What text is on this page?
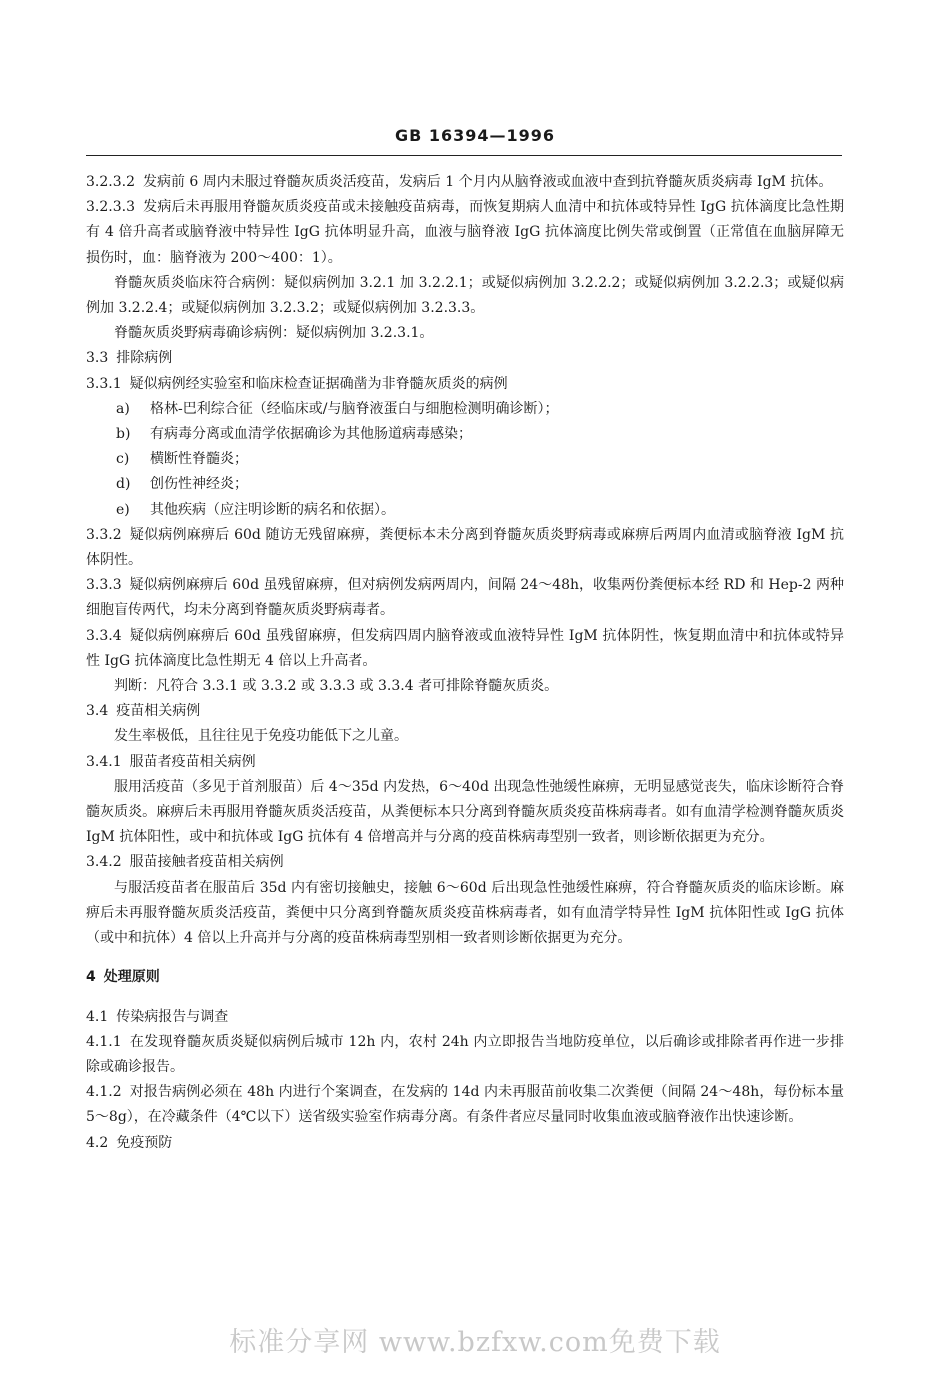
GB 16394—1996
3.2.3.2 发病前 6 周内未服过脊髓灰质炎活疫苗，发病后 1 个月内从脑脊液或血液中查到抗脊髓灰质炎病毒 IgM 抗体。
3.2.3.3 发病后未再服用脊髓灰质炎疫苗或未接触疫苗病毒，而恢复期病人血清中和抗体或特异性 IgG 抗体滴度比急性期有 4 倍升高者或脑脊液中特异性 IgG 抗体明显升高，血液与脑脊液 IgG 抗体滴度比例失常或倒置（正常值在血脑屏障无损伤时，血：脑脊液为 200～400：1）。
脊髓灰质炎临床符合病例：疑似病例加 3.2.1 加 3.2.2.1；或疑似病例加 3.2.2.2；或疑似病例加 3.2.2.3；或疑似病例加 3.2.2.4；或疑似病例加 3.2.3.2；或疑似病例加 3.2.3.3。
脊髓灰质炎野病毒确诊病例：疑似病例加 3.2.3.1。
3.3 排除病例
3.3.1 疑似病例经实验室和临床检查证据确凿为非脊髓灰质炎的病例
a) 格林-巴利综合征（经临床或/与脑脊液蛋白与细胞检测明确诊断）；
b) 有病毒分离或血清学依据确诊为其他肠道病毒感染；
c) 横断性脊髓炎；
d) 创伤性神经炎；
e) 其他疾病（应注明诊断的病名和依据）。
3.3.2 疑似病例麻痹后 60d 随访无残留麻痹，粪便标本未分离到脊髓灰质炎野病毒或麻痹后两周内血清或脑脊液 IgM 抗体阴性。
3.3.3 疑似病例麻痹后 60d 虽残留麻痹，但对病例发病两周内，间隔 24～48h，收集两份粪便标本经 RD 和 Hep-2 两种细胞盲传两代，均未分离到脊髓灰质炎野病毒者。
3.3.4 疑似病例麻痹后 60d 虽残留麻痹，但发病四周内脑脊液或血液特异性 IgM 抗体阴性，恢复期血清中和抗体或特异性 IgG 抗体滴度比急性期无 4 倍以上升高者。
判断：凡符合 3.3.1 或 3.3.2 或 3.3.3 或 3.3.4 者可排除脊髓灰质炎。
3.4 疫苗相关病例
发生率极低，且往往见于免疫功能低下之儿童。
3.4.1 服苗者疫苗相关病例
服用活疫苗（多见于首剂服苗）后 4～35d 内发热，6～40d 出现急性弛缓性麻痹，无明显感觉丧失，临床诊断符合脊髓灰质炎。麻痹后未再服用脊髓灰质炎活疫苗，从粪便标本只分离到脊髓灰质炎疫苗株病毒者。如有血清学检测脊髓灰质炎 IgM 抗体阳性，或中和抗体或 IgG 抗体有 4 倍增高并与分离的疫苗株病毒型别一致者，则诊断依据更为充分。
3.4.2 服苗接触者疫苗相关病例
与服活疫苗者在服苗后 35d 内有密切接触史，接触 6～60d 后出现急性弛缓性麻痹，符合脊髓灰质炎的临床诊断。麻痹后未再服脊髓灰质炎活疫苗，粪便中只分离到脊髓灰质炎疫苗株病毒者，如有血清学特异性 IgM 抗体阳性或 IgG 抗体（或中和抗体）4 倍以上升高并与分离的疫苗株病毒型别相一致者则诊断依据更为充分。
4 处理原则
4.1 传染病报告与调查
4.1.1 在发现脊髓灰质炎疑似病例后城市 12h 内，农村 24h 内立即报告当地防疫单位，以后确诊或排除者再作进一步排除或确诊报告。
4.1.2 对报告病例必须在 48h 内进行个案调查，在发病的 14d 内未再服苗前收集二次粪便（间隔 24～48h，每份标本量 5～8g），在冷藏条件（4℃以下）送省级实验室作病毒分离。有条件者应尽量同时收集血液或脑脊液作出快速诊断。
4.2 免疫预防
标准分享网 www.bzfxw.com免费下载
